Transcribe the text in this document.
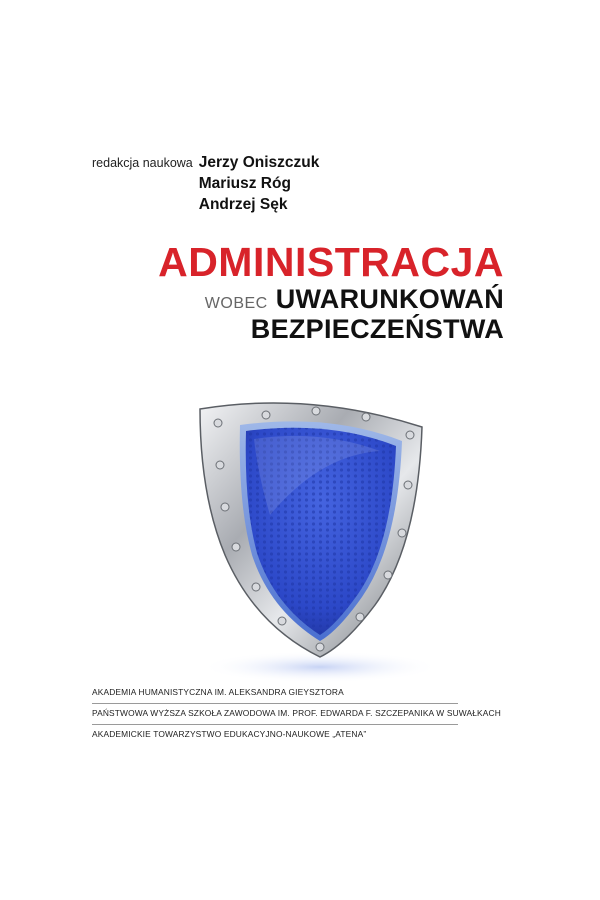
redakcja naukowa Jerzy Oniszczuk
Mariusz Róg
Andrzej Sęk
ADMINISTRACJA
WOBEC UWARUNKOWAŃ
BEZPIECZEŃSTWA
AKADEMIA HUMANISTYCZNA IM. ALEKSANDRA GIEYSZTORA
PAŃSTWOWA WYŻSZA SZKOŁA ZAWODOWA IM. PROF. EDWARDA F. SZCZEPANIKA W SUWAŁKACH
AKADEMICKIE TOWARZYSTWO EDUKACYJNO-NAUKOWE „ATENA”
